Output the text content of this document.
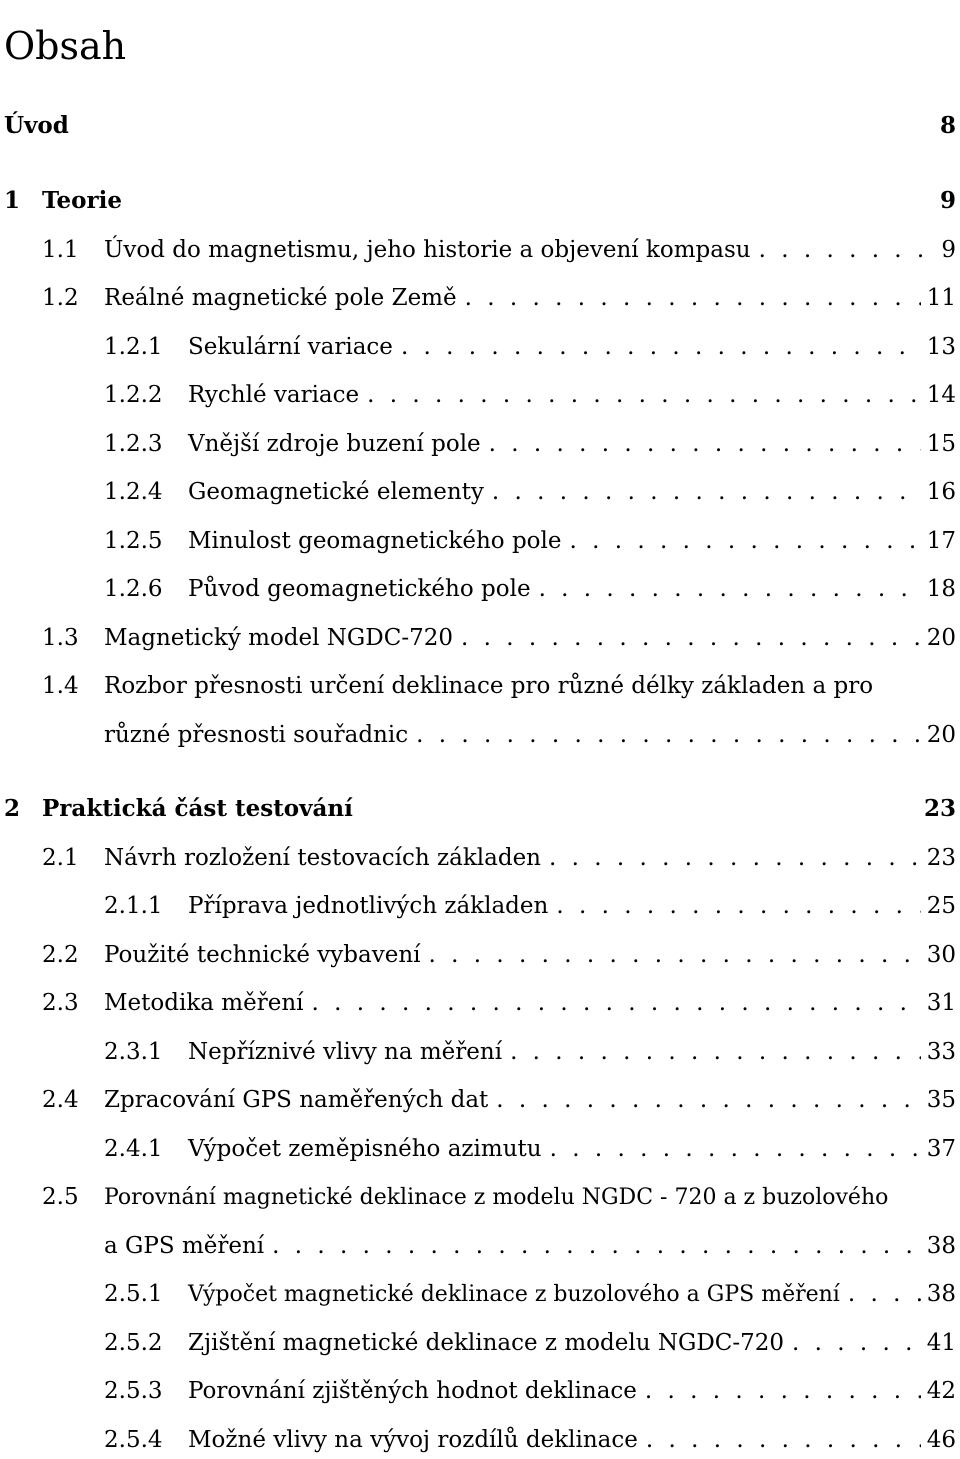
Obsah
Úvod	8
1 Teorie	9
1.1	Úvod do magnetismu, jeho historie a objevení kompasu . . .	9
1.2	Reálné magnetické pole Země . . .	11
1.2.1	Sekulární variace . . .	13
1.2.2	Rychlé variace . . .	14
1.2.3	Vnější zdroje buzení pole . . .	15
1.2.4	Geomagnetické elementy . . .	16
1.2.5	Minulost geomagnetického pole . . .	17
1.2.6	Původ geomagnetického pole . . .	18
1.3	Magnetický model NGDC-720 . . .	20
1.4	Rozbor přesnosti určení deklinace pro různé délky základen a pro
různé přesnosti souřadnic . . .	20
2 Praktická část testování	23
2.1	Návrh rozložení testovacích základen . . .	23
2.1.1	Příprava jednotlivých základen . . .	25
2.2	Použité technické vybavení . . .	30
2.3	Metodika měření . . .	31
2.3.1	Nepříznivé vlivy na měření . . .	33
2.4	Zpracování GPS naměřených dat . . .	35
2.4.1	Výpočet zeměpisného azimutu . . .	37
2.5	Porovnání magnetické deklinace z modelu NGDC - 720 a z buzolového
a GPS měření . . .	38
2.5.1	Výpočet magnetické deklinace z buzolového a GPS měření . . .	38
2.5.2	Zjištění magnetické deklinace z modelu NGDC-720 . . .	41
2.5.3	Porovnání zjištěných hodnot deklinace . . .	42
2.5.4	Možné vlivy na vývoj rozdílů deklinace . . .	46
